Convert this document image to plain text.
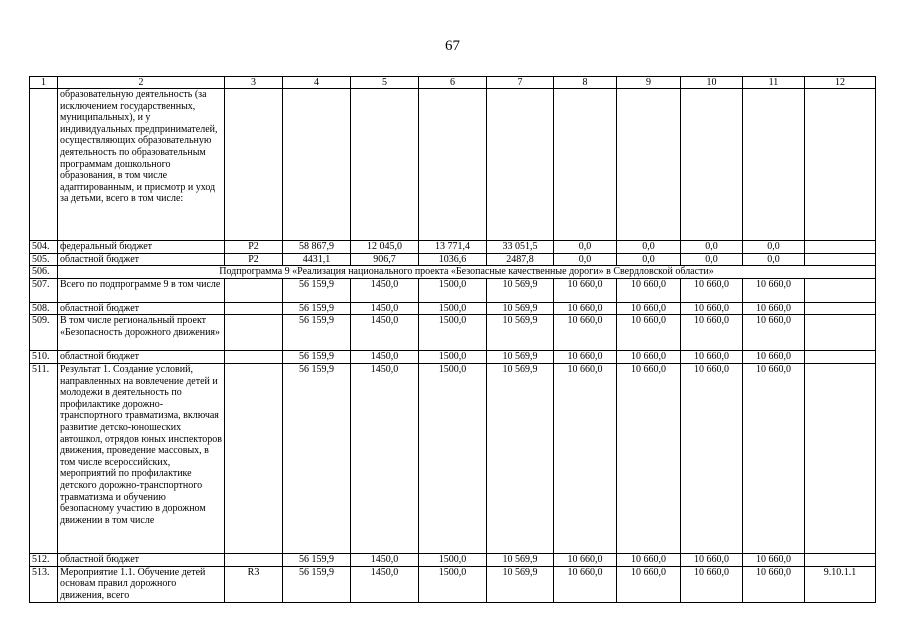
67
1	2	3	4	5	6	7	8	9	10	11	12
	образовательную деятельность (за исключением государственных, муниципальных), и у индивидуальных предпринимателей, осуществляющих образовательную деятельность по образовательным программам дошкольного образования, в том числе адаптированным, и присмотр и уход за детьми, всего в том числе:										
504.	федеральный бюджет	P2	58 867,9	12 045,0	13 771,4	33 051,5	0,0	0,0	0,0	0,0	
505.	областной бюджет	P2	4431,1	906,7	1036,6	2487,8	0,0	0,0	0,0	0,0	
506.	Подпрограмма 9 «Реализация национального проекта «Безопасные качественные дороги» в Свердловской области»										
507.	Всего по подпрограмме 9 в том числе		56 159,9	1450,0	1500,0	10 569,9	10 660,0	10 660,0	10 660,0	10 660,0	
508.	областной бюджет		56 159,9	1450,0	1500,0	10 569,9	10 660,0	10 660,0	10 660,0	10 660,0	
509.	В том числе региональный проект «Безопасность дорожного движения»		56 159,9	1450,0	1500,0	10 569,9	10 660,0	10 660,0	10 660,0	10 660,0	
510.	областной бюджет		56 159,9	1450,0	1500,0	10 569,9	10 660,0	10 660,0	10 660,0	10 660,0	
511.	Результат 1. Создание условий, направленных на вовлечение детей и молодежи в деятельность по профилактике дорожно-транспортного травматизма, включая развитие детско-юношеских автошкол, отрядов юных инспекторов движения, проведение массовых, в том числе всероссийских, мероприятий по профилактике детского дорожно-транспортного травматизма и обучению безопасному участию в дорожном движении в том числе		56 159,9	1450,0	1500,0	10 569,9	10 660,0	10 660,0	10 660,0	10 660,0	
512.	областной бюджет		56 159,9	1450,0	1500,0	10 569,9	10 660,0	10 660,0	10 660,0	10 660,0	
513.	Мероприятие 1.1. Обучение детей основам правил дорожного движения, всего	R3	56 159,9	1450,0	1500,0	10 569,9	10 660,0	10 660,0	10 660,0	10 660,0	9.10.1.1
